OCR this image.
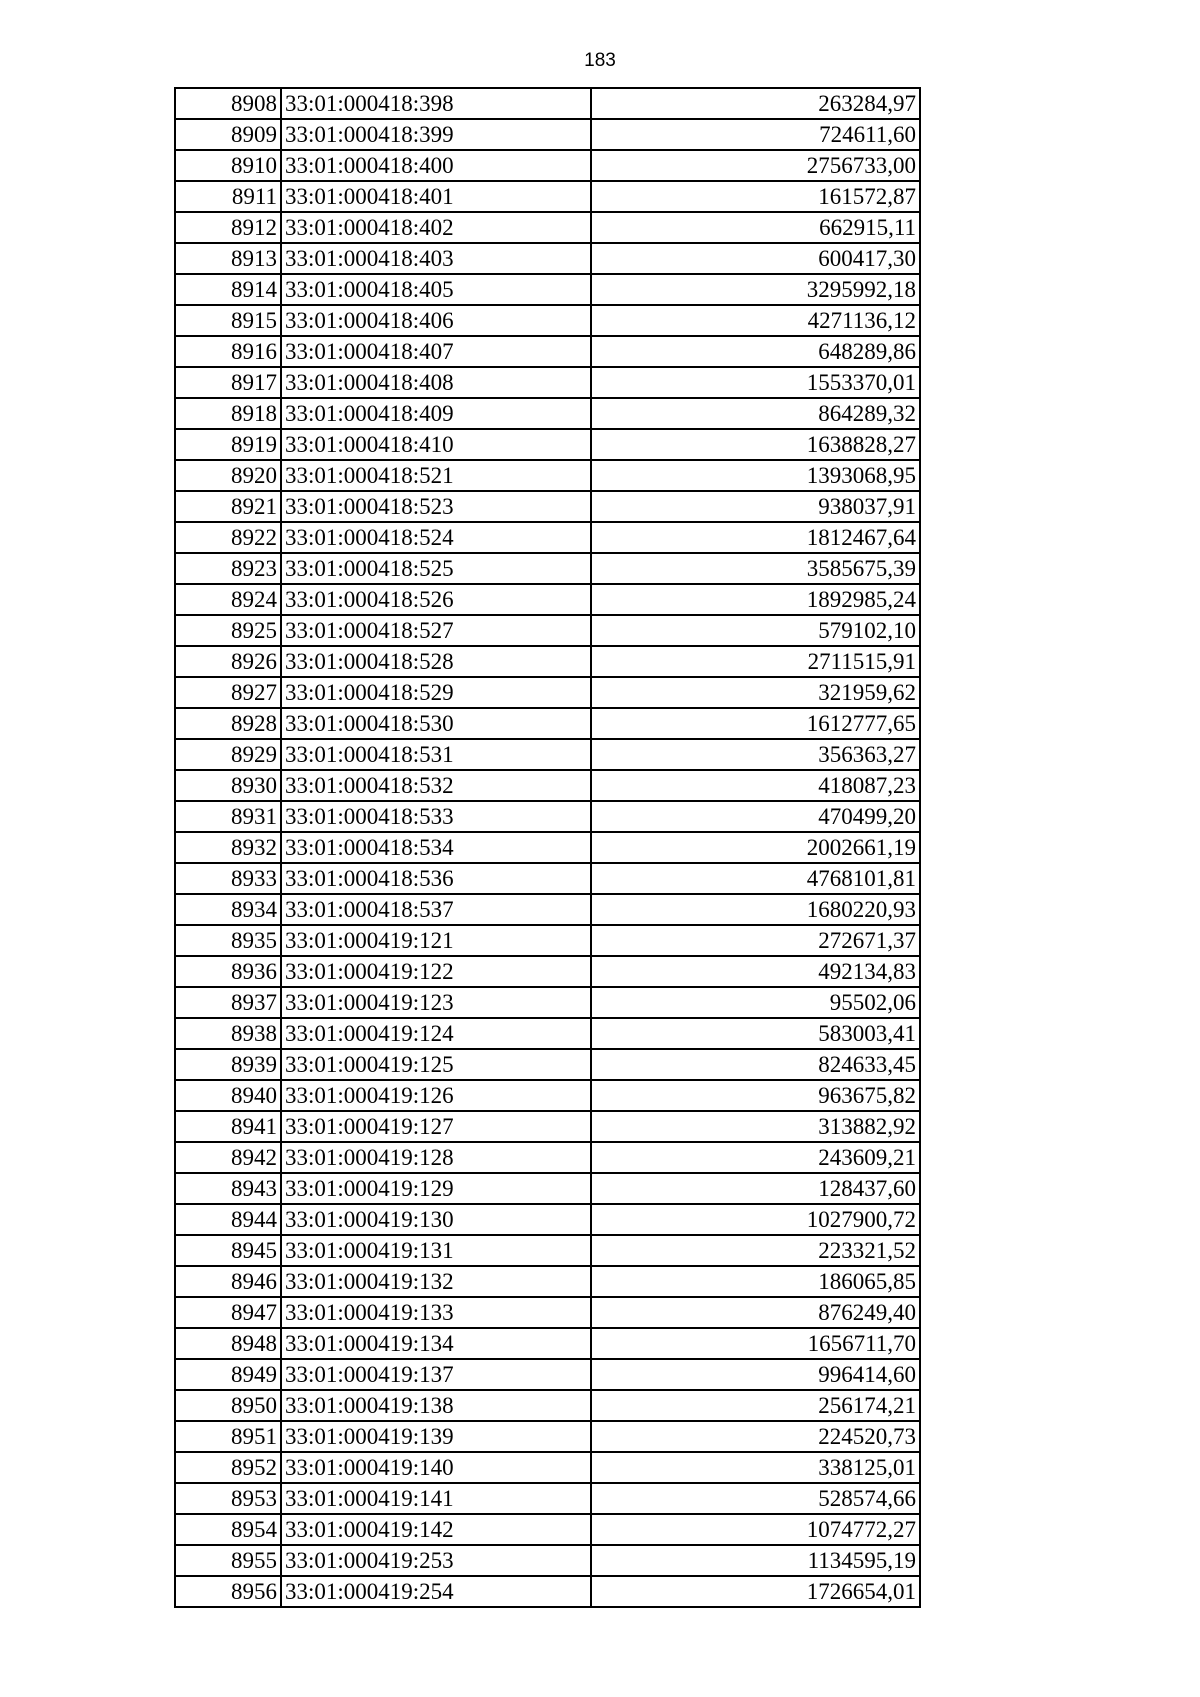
183
8908	33:01:000418:398	263284,97
8909	33:01:000418:399	724611,60
8910	33:01:000418:400	2756733,00
8911	33:01:000418:401	161572,87
8912	33:01:000418:402	662915,11
8913	33:01:000418:403	600417,30
8914	33:01:000418:405	3295992,18
8915	33:01:000418:406	4271136,12
8916	33:01:000418:407	648289,86
8917	33:01:000418:408	1553370,01
8918	33:01:000418:409	864289,32
8919	33:01:000418:410	1638828,27
8920	33:01:000418:521	1393068,95
8921	33:01:000418:523	938037,91
8922	33:01:000418:524	1812467,64
8923	33:01:000418:525	3585675,39
8924	33:01:000418:526	1892985,24
8925	33:01:000418:527	579102,10
8926	33:01:000418:528	2711515,91
8927	33:01:000418:529	321959,62
8928	33:01:000418:530	1612777,65
8929	33:01:000418:531	356363,27
8930	33:01:000418:532	418087,23
8931	33:01:000418:533	470499,20
8932	33:01:000418:534	2002661,19
8933	33:01:000418:536	4768101,81
8934	33:01:000418:537	1680220,93
8935	33:01:000419:121	272671,37
8936	33:01:000419:122	492134,83
8937	33:01:000419:123	95502,06
8938	33:01:000419:124	583003,41
8939	33:01:000419:125	824633,45
8940	33:01:000419:126	963675,82
8941	33:01:000419:127	313882,92
8942	33:01:000419:128	243609,21
8943	33:01:000419:129	128437,60
8944	33:01:000419:130	1027900,72
8945	33:01:000419:131	223321,52
8946	33:01:000419:132	186065,85
8947	33:01:000419:133	876249,40
8948	33:01:000419:134	1656711,70
8949	33:01:000419:137	996414,60
8950	33:01:000419:138	256174,21
8951	33:01:000419:139	224520,73
8952	33:01:000419:140	338125,01
8953	33:01:000419:141	528574,66
8954	33:01:000419:142	1074772,27
8955	33:01:000419:253	1134595,19
8956	33:01:000419:254	1726654,01
